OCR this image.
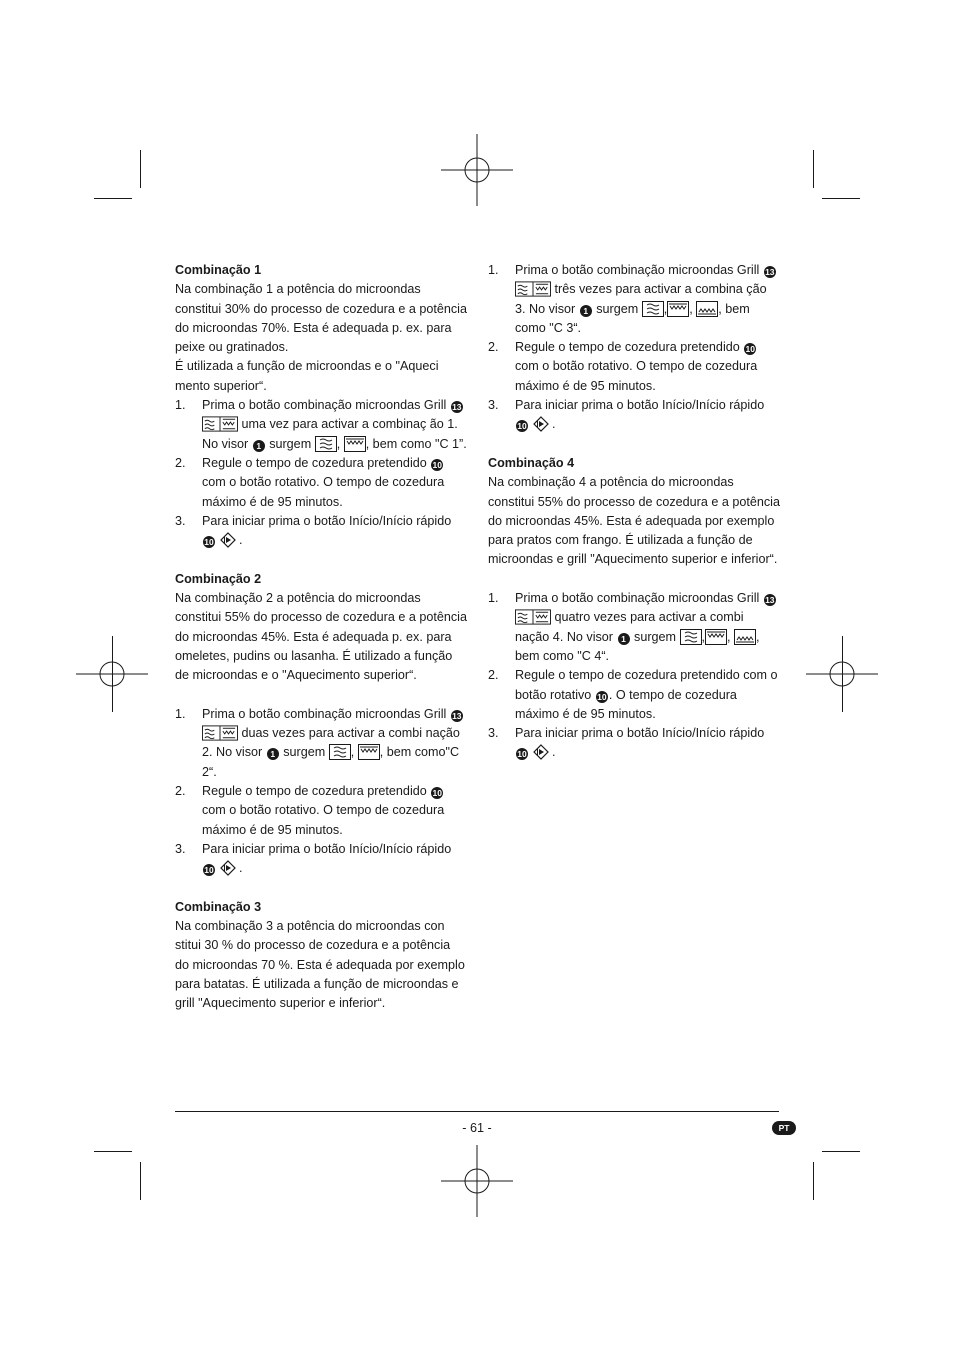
Combinação 1
Na combinação 1 a potência do microondas constitui 30% do processo de cozedura e a potência do microondas 70%. Esta é adequada p. ex. para peixe ou gratinados.
É utilizada a função de microondas e o "Aqueci mento superior“.
1. Prima o botão combinação microondas Grill 13  uma vez para activar a combinaç ão 1. No visor 1 surgem , , bem como "C 1”.
2. Regule o tempo de cozedura pretendido 10 com o botão rotativo. O tempo de cozedura máximo é de 95 minutos.
3. Para iniciar prima o botão Início/Início rápido 10  .
Combinação 2
Na combinação 2 a potência do microondas constitui 55% do processo de cozedura e a potência do microondas 45%. Esta é adequada p. ex. para omeletes, pudins ou lasanha. É utilizado a função de microondas e o "Aquecimento superior“.
1. Prima o botão combinação microondas Grill 13  duas vezes para activar a combi nação 2. No visor 1 surgem , , bem como"C 2“.
2. Regule o tempo de cozedura pretendido 10 com o botão rotativo. O tempo de cozedura máximo é de 95 minutos.
3. Para iniciar prima o botão Início/Início rápido 10  .
Combinação 3
Na combinação 3 a potência do microondas con stitui 30 % do processo de cozedura e a potência do microondas 70 %. Esta é adequada por exemplo para batatas. É utilizada a função de microondas e grill "Aquecimento superior e inferior“.
1. Prima o botão combinação microondas Grill 13  três vezes para activar a combina ção 3. No visor 1 surgem , , , bem como "C 3“.
2. Regule o tempo de cozedura pretendido 10 com o botão rotativo. O tempo de cozedura máximo é de 95 minutos.
3. Para iniciar prima o botão Início/Início rápido 10  .
Combinação 4
Na combinação 4 a potência do microondas constitui 55% do processo de cozedura e a potência do microondas 45%. Esta é adequada por exemplo para pratos com frango. É utilizada a função de microondas e grill "Aquecimento superior e inferior“.
1. Prima o botão combinação microondas Grill 13  quatro vezes para activar a combi nação 4. No visor 1 surgem , , , bem como "C 4“.
2. Regule o tempo de cozedura pretendido com o botão rotativo 10 . O tempo de cozedura máximo é de 95 minutos.
3. Para iniciar prima o botão Início/Início rápido 10  .
- 61 -	PT
